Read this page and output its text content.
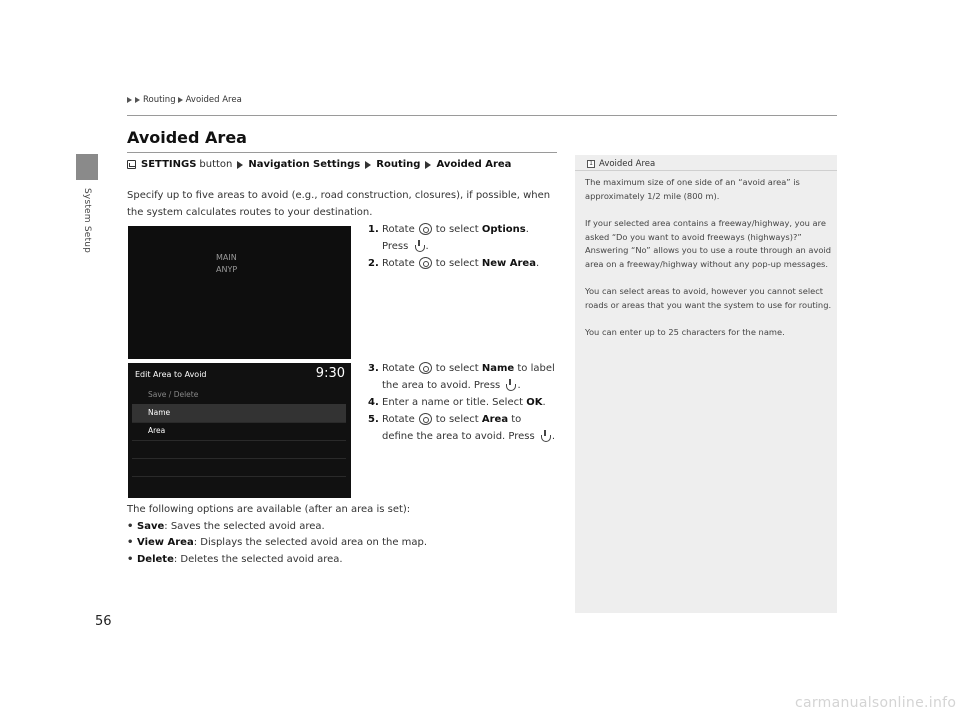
System Setup
Routing Avoided Area
Avoided Area
SETTINGS button Navigation Settings Routing Avoided Area
Specify up to five areas to avoid (e.g., road construction, closures), if possible, when the system calculates routes to your destination.
MAIN
ANYP
Edit Area to Avoid	9:30
Save / Delete
Name
Area
1. Rotate to select Options.
Press .
2. Rotate to select New Area.
3. Rotate to select Name to label
the area to avoid. Press .
4. Enter a name or title. Select OK.
5. Rotate to select Area to
define the area to avoid. Press .
The following options are available (after an area is set):
• Save: Saves the selected avoid area.
• View Area: Displays the selected avoid area on the map.
• Delete: Deletes the selected avoid area.
1 Avoided Area

The maximum size of one side of an “avoid area” is approximately 1/2 mile (800 m).

If your selected area contains a freeway/highway, you are asked “Do you want to avoid freeways (highways)?” Answering “No” allows you to use a route through an avoid area on a freeway/highway without any pop-up messages.

You can select areas to avoid, however you cannot select roads or areas that you want the system to use for routing.

You can enter up to 25 characters for the name.

56
carmanualsonline.info
